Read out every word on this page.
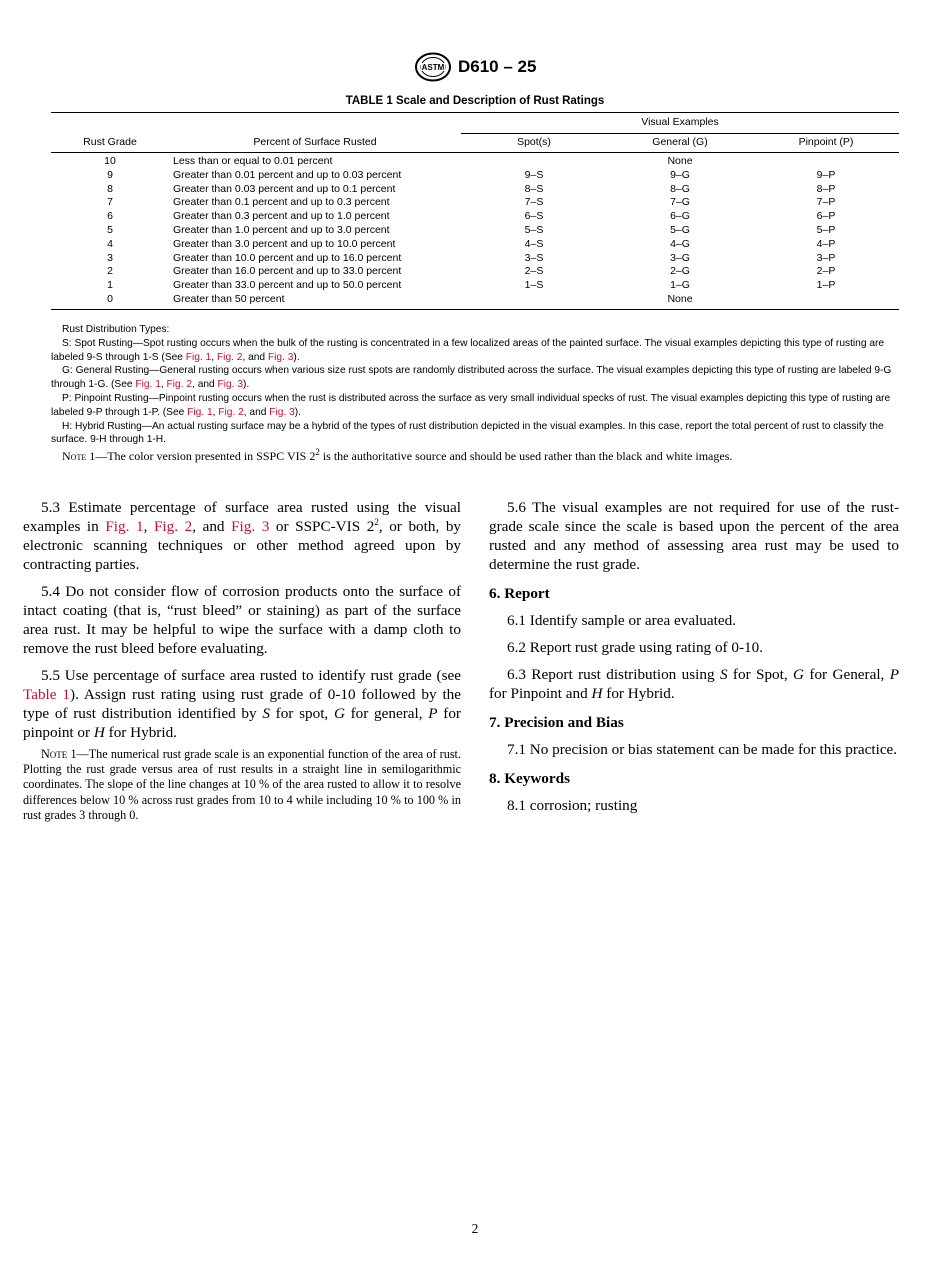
ASTM D610 – 25
TABLE 1 Scale and Description of Rust Ratings
		Visual Examples		
Rust Grade	Percent of Surface Rusted	Spot(s)	General (G)	Pinpoint (P)
10	Less than or equal to 0.01 percent		None	
9	Greater than 0.01 percent and up to 0.03 percent	9–S	9–G	9–P
8	Greater than 0.03 percent and up to 0.1 percent	8–S	8–G	8–P
7	Greater than 0.1 percent and up to 0.3 percent	7–S	7–G	7–P
6	Greater than 0.3 percent and up to 1.0 percent	6–S	6–G	6–P
5	Greater than 1.0 percent and up to 3.0 percent	5–S	5–G	5–P
4	Greater than 3.0 percent and up to 10.0 percent	4–S	4–G	4–P
3	Greater than 10.0 percent and up to 16.0 percent	3–S	3–G	3–P
2	Greater than 16.0 percent and up to 33.0 percent	2–S	2–G	2–P
1	Greater than 33.0 percent and up to 50.0 percent	1–S	1–G	1–P
0	Greater than 50 percent		None	

Rust Distribution Types:

S: Spot Rusting—Spot rusting occurs when the bulk of the rusting is concentrated in a few localized areas of the painted surface. The visual examples depicting this type of rusting are labeled 9-S through 1-S (See Fig. 1, Fig. 2, and Fig. 3).

G: General Rusting—General rusting occurs when various size rust spots are randomly distributed across the surface. The visual examples depicting this type of rusting are labeled 9-G through 1-G. (See Fig. 1, Fig. 2, and Fig. 3).

P: Pinpoint Rusting—Pinpoint rusting occurs when the rust is distributed across the surface as very small individual specks of rust. The visual examples depicting this type of rusting are labeled 9-P through 1-P. (See Fig. 1, Fig. 2, and Fig. 3).

H: Hybrid Rusting—An actual rusting surface may be a hybrid of the types of rust distribution depicted in the visual examples. In this case, report the total percent of rust to classify the surface. 9-H through 1-H.

Note 1—The color version presented in SSPC VIS $2^2$ is the authoritative source and should be used rather than the black and white images.

5.3 Estimate percentage of surface area rusted using the visual examples in Fig. 1, Fig. 2, and Fig. 3 or SSPC-VIS $2^2$, or both, by electronic scanning techniques or other method agreed upon by contracting parties.

5.4 Do not consider flow of corrosion products onto the surface of intact coating (that is, “rust bleed” or staining) as part of the surface area rust. It may be helpful to wipe the surface with a damp cloth to remove the rust bleed before evaluating.

5.5 Use percentage of surface area rusted to identify rust grade (see Table 1). Assign rust rating using rust grade of 0-10 followed by the type of rust distribution identified by S for spot, G for general, P for pinpoint or H for Hybrid.

Note 1—The numerical rust grade scale is an exponential function of the area of rust. Plotting the rust grade versus area of rust results in a straight line in semilogarithmic coordinates. The slope of the line changes at 10 % of the area rusted to allow it to resolve differences below 10 % across rust grades from 10 to 4 while including 10 % to 100 % in rust grades 3 through 0.

5.6 The visual examples are not required for use of the rust-grade scale since the scale is based upon the percent of the area rusted and any method of assessing area rust may be used to determine the rust grade.

6. Report

6.1 Identify sample or area evaluated.

6.2 Report rust grade using rating of 0-10.

6.3 Report rust distribution using S for Spot, G for General, P for Pinpoint and H for Hybrid.

7. Precision and Bias

7.1 No precision or bias statement can be made for this practice.

8. Keywords

8.1 corrosion; rusting

2
